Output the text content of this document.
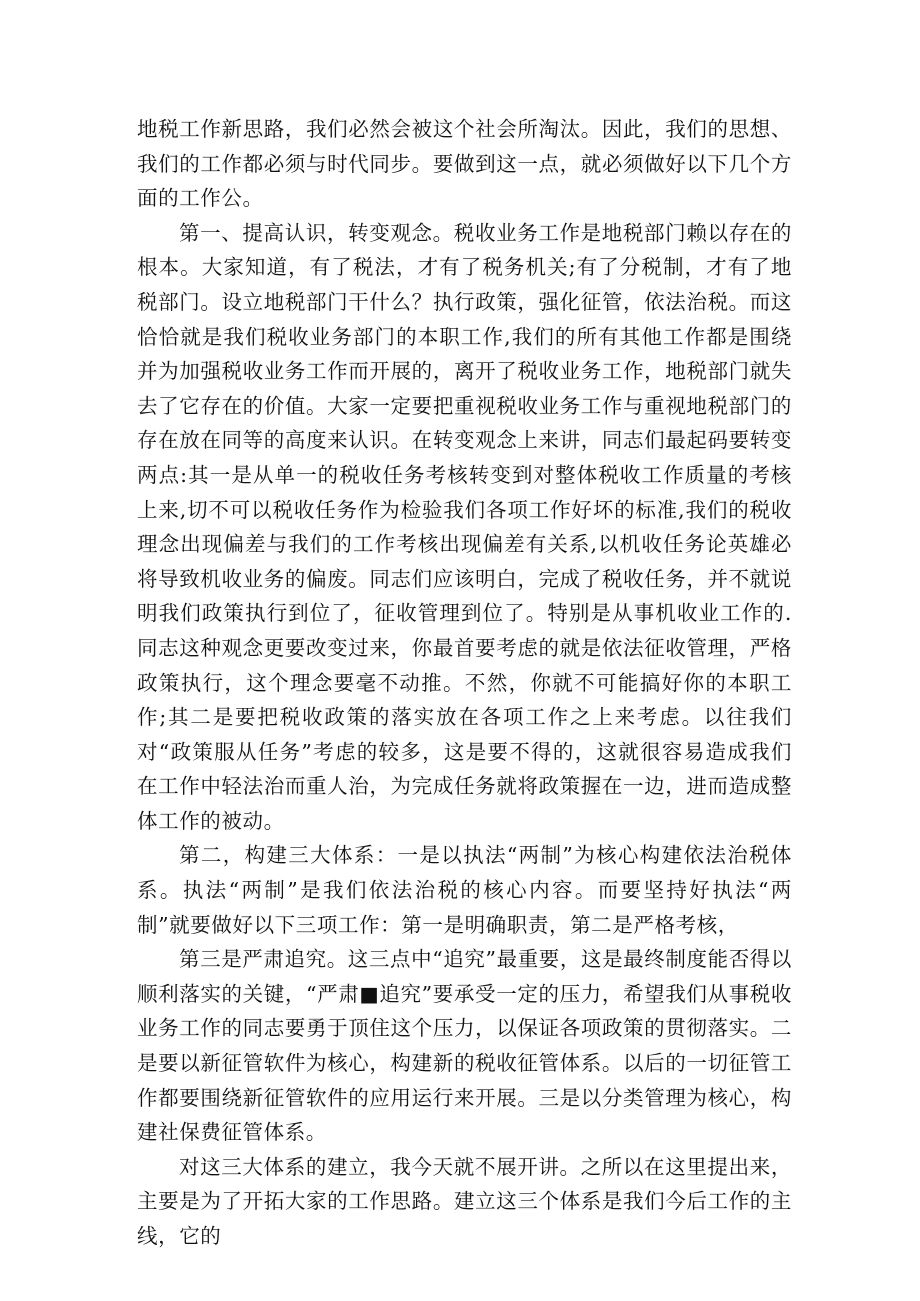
地税工作新思路，我们必然会被这个社会所淘汰。因此，我们的思想、我们的工作都必须与时代同步。要做到这一点，就必须做好以下几个方面的工作公。

第一、提高认识，转变观念。税收业务工作是地税部门赖以存在的根本。大家知道，有了税法，才有了税务机关;有了分税制，才有了地税部门。设立地税部门干什么？执行政策，强化征管，依法治税。而这恰恰就是我们税收业务部门的本职工作,我们的所有其他工作都是围绕并为加强税收业务工作而开展的，离开了税收业务工作，地税部门就失去了它存在的价值。大家一定要把重视税收业务工作与重视地税部门的存在放在同等的高度来认识。在转变观念上来讲，同志们最起码要转变两点:其一是从单一的税收任务考核转变到对整体税收工作质量的考核上来,切不可以税收任务作为检验我们各项工作好坏的标准,我们的税收理念出现偏差与我们的工作考核出现偏差有关系,以机收任务论英雄必将导致机收业务的偏废。同志们应该明白，完成了税收任务，并不就说明我们政策执行到位了，征收管理到位了。特别是从事机收业工作的.同志这种观念更要改变过来，你最首要考虑的就是依法征收管理，严格政策执行，这个理念要毫不动推。不然，你就不可能搞好你的本职工作;其二是要把税收政策的落实放在各项工作之上来考虑。以往我们对“政策服从任务”考虑的较多，这是要不得的，这就很容易造成我们在工作中轻法治而重人治，为完成任务就将政策握在一边，进而造成整体工作的被动。

第二，构建三大体系：一是以执法“两制”为核心构建依法治税体系。执法“两制”是我们依法治税的核心内容。而要坚持好执法“两制”就要做好以下三项工作：第一是明确职责，第二是严格考核，

第三是严肃追究。这三点中“追究”最重要，这是最终制度能否得以顺利落实的关键，“严肃■追究”要承受一定的压力，希望我们从事税收业务工作的同志要勇于顶住这个压力，以保证各项政策的贯彻落实。二是要以新征管软件为核心，构建新的税收征管体系。以后的一切征管工作都要围绕新征管软件的应用运行来开展。三是以分类管理为核心，构建社保费征管体系。

对这三大体系的建立，我今天就不展开讲。之所以在这里提出来，主要是为了开拓大家的工作思路。建立这三个体系是我们今后工作的主线，它的
